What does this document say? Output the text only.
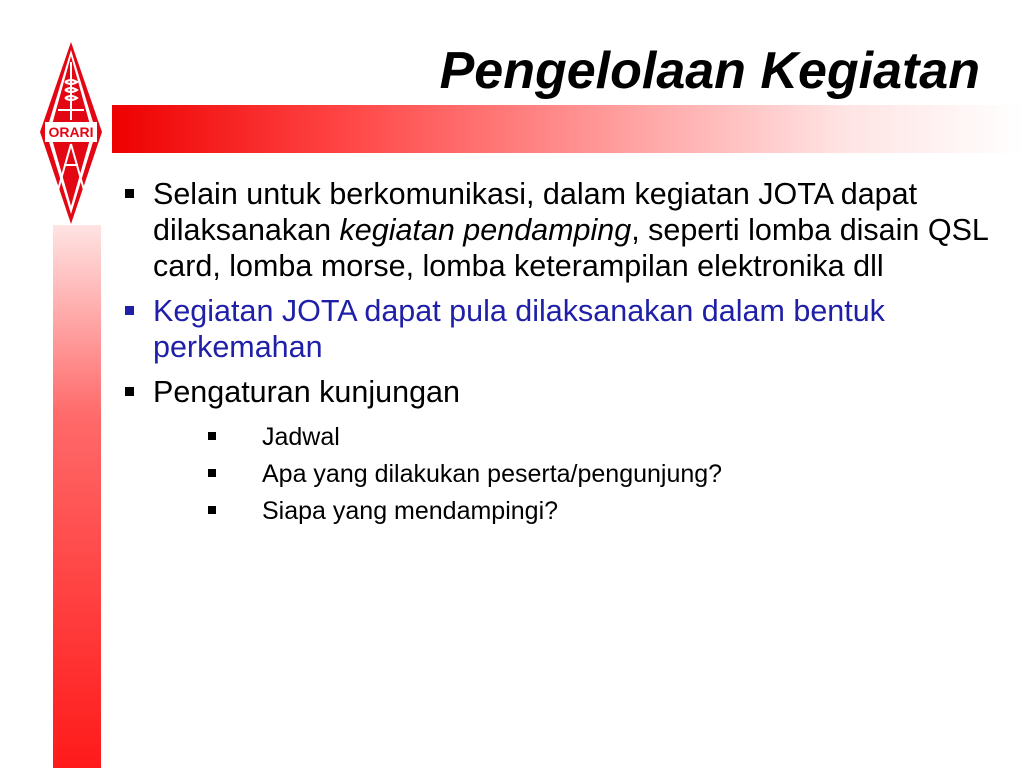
ORARI
Pengelolaan Kegiatan

Selain untuk berkomunikasi, dalam kegiatan JOTA dapat dilaksanakan kegiatan pendamping, seperti lomba disain QSL card, lomba morse, lomba keterampilan elektronika dll

Kegiatan JOTA dapat pula dilaksanakan dalam bentuk perkemahan

Pengaturan kunjungan

Jadwal

Apa yang dilakukan peserta/pengunjung?

Siapa yang mendampingi?
